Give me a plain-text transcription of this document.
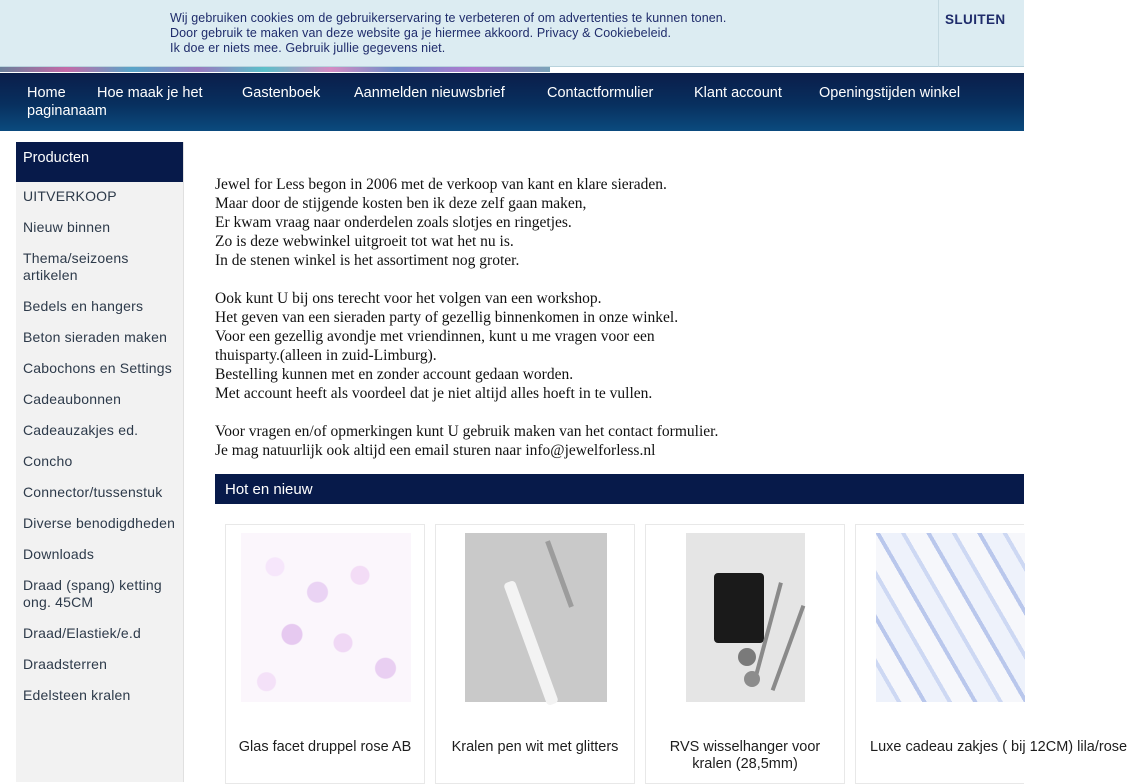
Wij gebruiken cookies om de gebruikerservaring te verbeteren of om advertenties te kunnen tonen.
Door gebruik te maken van deze website ga je hiermee akkoord. Privacy & Cookiebeleid.
Ik doe er niets mee. Gebruik jullie gegevens niet.
SLUITEN
Home Hoe maak je het	Gastenboek Aanmelden nieuwsbrief	Contactformulier	Klant account	Openingstijden winkel
paginanaam
Producten
UITVERKOOP
Nieuw binnen
Thema/seizoens artikelen
Bedels en hangers
Beton sieraden maken
Cabochons en Settings
Cadeaubonnen
Cadeauzakjes ed.
Concho
Connector/tussenstuk
Diverse benodigdheden
Downloads
Draad (spang) ketting ong. 45CM
Draad/Elastiek/e.d
Draadsterren
Edelsteen kralen

Jewel for Less begon in 2006 met de verkoop van kant en klare sieraden.
Maar door de stijgende kosten ben ik deze zelf gaan maken,
Er kwam vraag naar onderdelen zoals slotjes en ringetjes.
Zo is deze webwinkel uitgroeit tot wat het nu is.
In de stenen winkel is het assortiment nog groter.

Ook kunt U bij ons terecht voor het volgen van een workshop.
Het geven van een sieraden party of gezellig binnenkomen in onze winkel.
Voor een gezellig avondje met vriendinnen, kunt u me vragen voor een
thuisparty.(alleen in zuid-Limburg).
Bestelling kunnen met en zonder account gedaan worden.
Met account heeft als voordeel dat je niet altijd alles hoeft in te vullen.

Voor vragen en/of opmerkingen kunt U gebruik maken van het contact formulier.
Je mag natuurlijk ook altijd een email sturen naar info@jewelforless.nl

Hot en nieuw
Glas facet druppel rose AB	Kralen pen wit met glitters	RVS wisselhanger voor kralen (28,5mm)
Luxe cadeau zakjes ( bij 12CM) lila/rose
